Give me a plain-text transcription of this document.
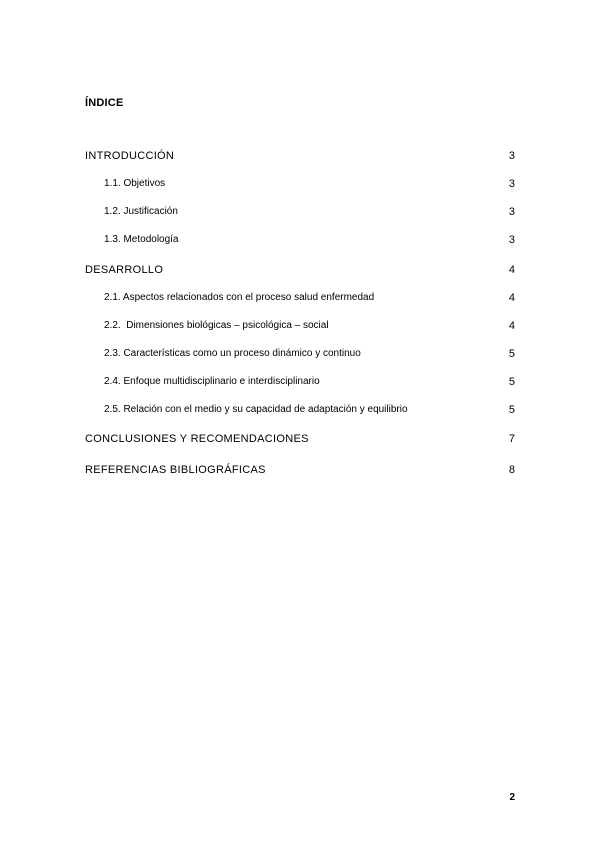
ÍNDICE
INTRODUCCIÓN	3
1.1. Objetivos	3
1.2. Justificación	3
1.3. Metodología	3
DESARROLLO	4
2.1. Aspectos relacionados con el proceso salud enfermedad	4
2.2.  Dimensiones biológicas – psicológica – social	4
2.3. Características como un proceso dinámico y continuo	5
2.4. Enfoque multidisciplinario e interdisciplinario	5
2.5. Relación con el medio y su capacidad de adaptación y equilibrio	5
CONCLUSIONES Y RECOMENDACIONES	7
REFERENCIAS BIBLIOGRÁFICAS	8
2
